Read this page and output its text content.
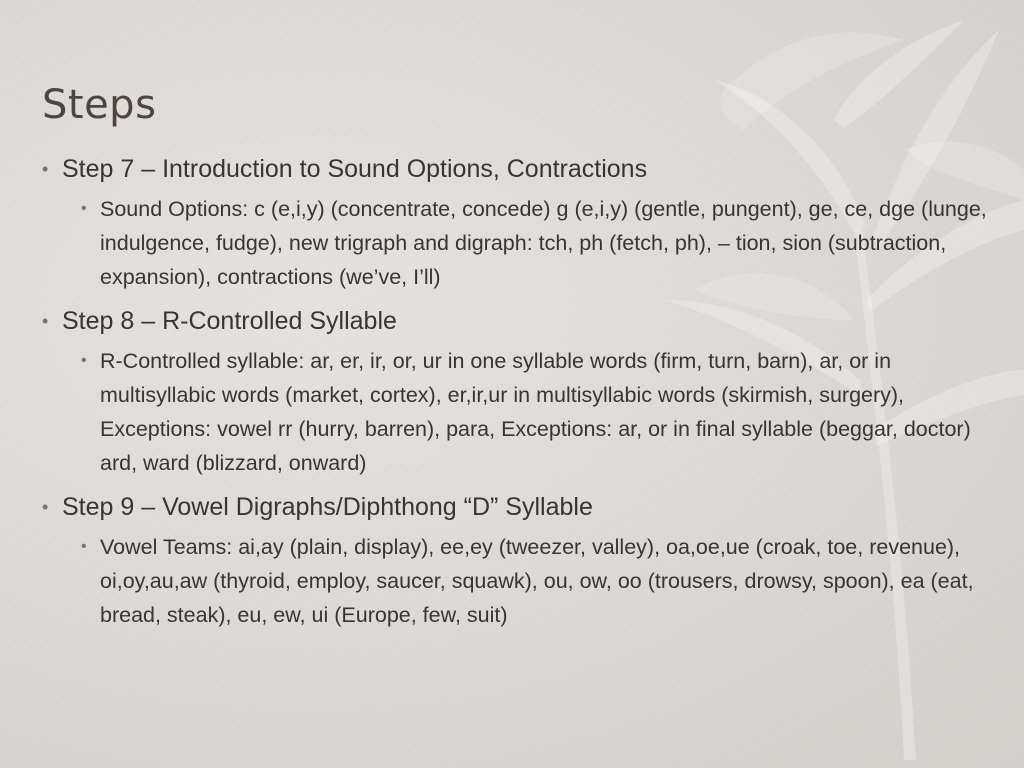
Steps
• Step 7 – Introduction to Sound Options, Contractions
• Sound Options: c (e,i,y) (concentrate, concede) g (e,i,y) (gentle, pungent), ge, ce, dge (lunge, indulgence, fudge), new trigraph and digraph: tch, ph (fetch, ph), – tion, sion (subtraction, expansion), contractions (we’ve, I’ll)
• Step 8 – R-Controlled Syllable
• R-Controlled syllable: ar, er, ir, or, ur in one syllable words (firm, turn, barn), ar, or in multisyllabic words (market, cortex), er,ir,ur in multisyllabic words (skirmish, surgery), Exceptions: vowel rr (hurry, barren), para, Exceptions: ar, or in final syllable (beggar, doctor) ard, ward (blizzard, onward)
• Step 9 – Vowel Digraphs/Diphthong “D” Syllable
• Vowel Teams: ai,ay (plain, display), ee,ey (tweezer, valley), oa,oe,ue (croak, toe, revenue), oi,oy,au,aw (thyroid, employ, saucer, squawk), ou, ow, oo (trousers, drowsy, spoon), ea (eat, bread, steak), eu, ew, ui (Europe, few, suit)
